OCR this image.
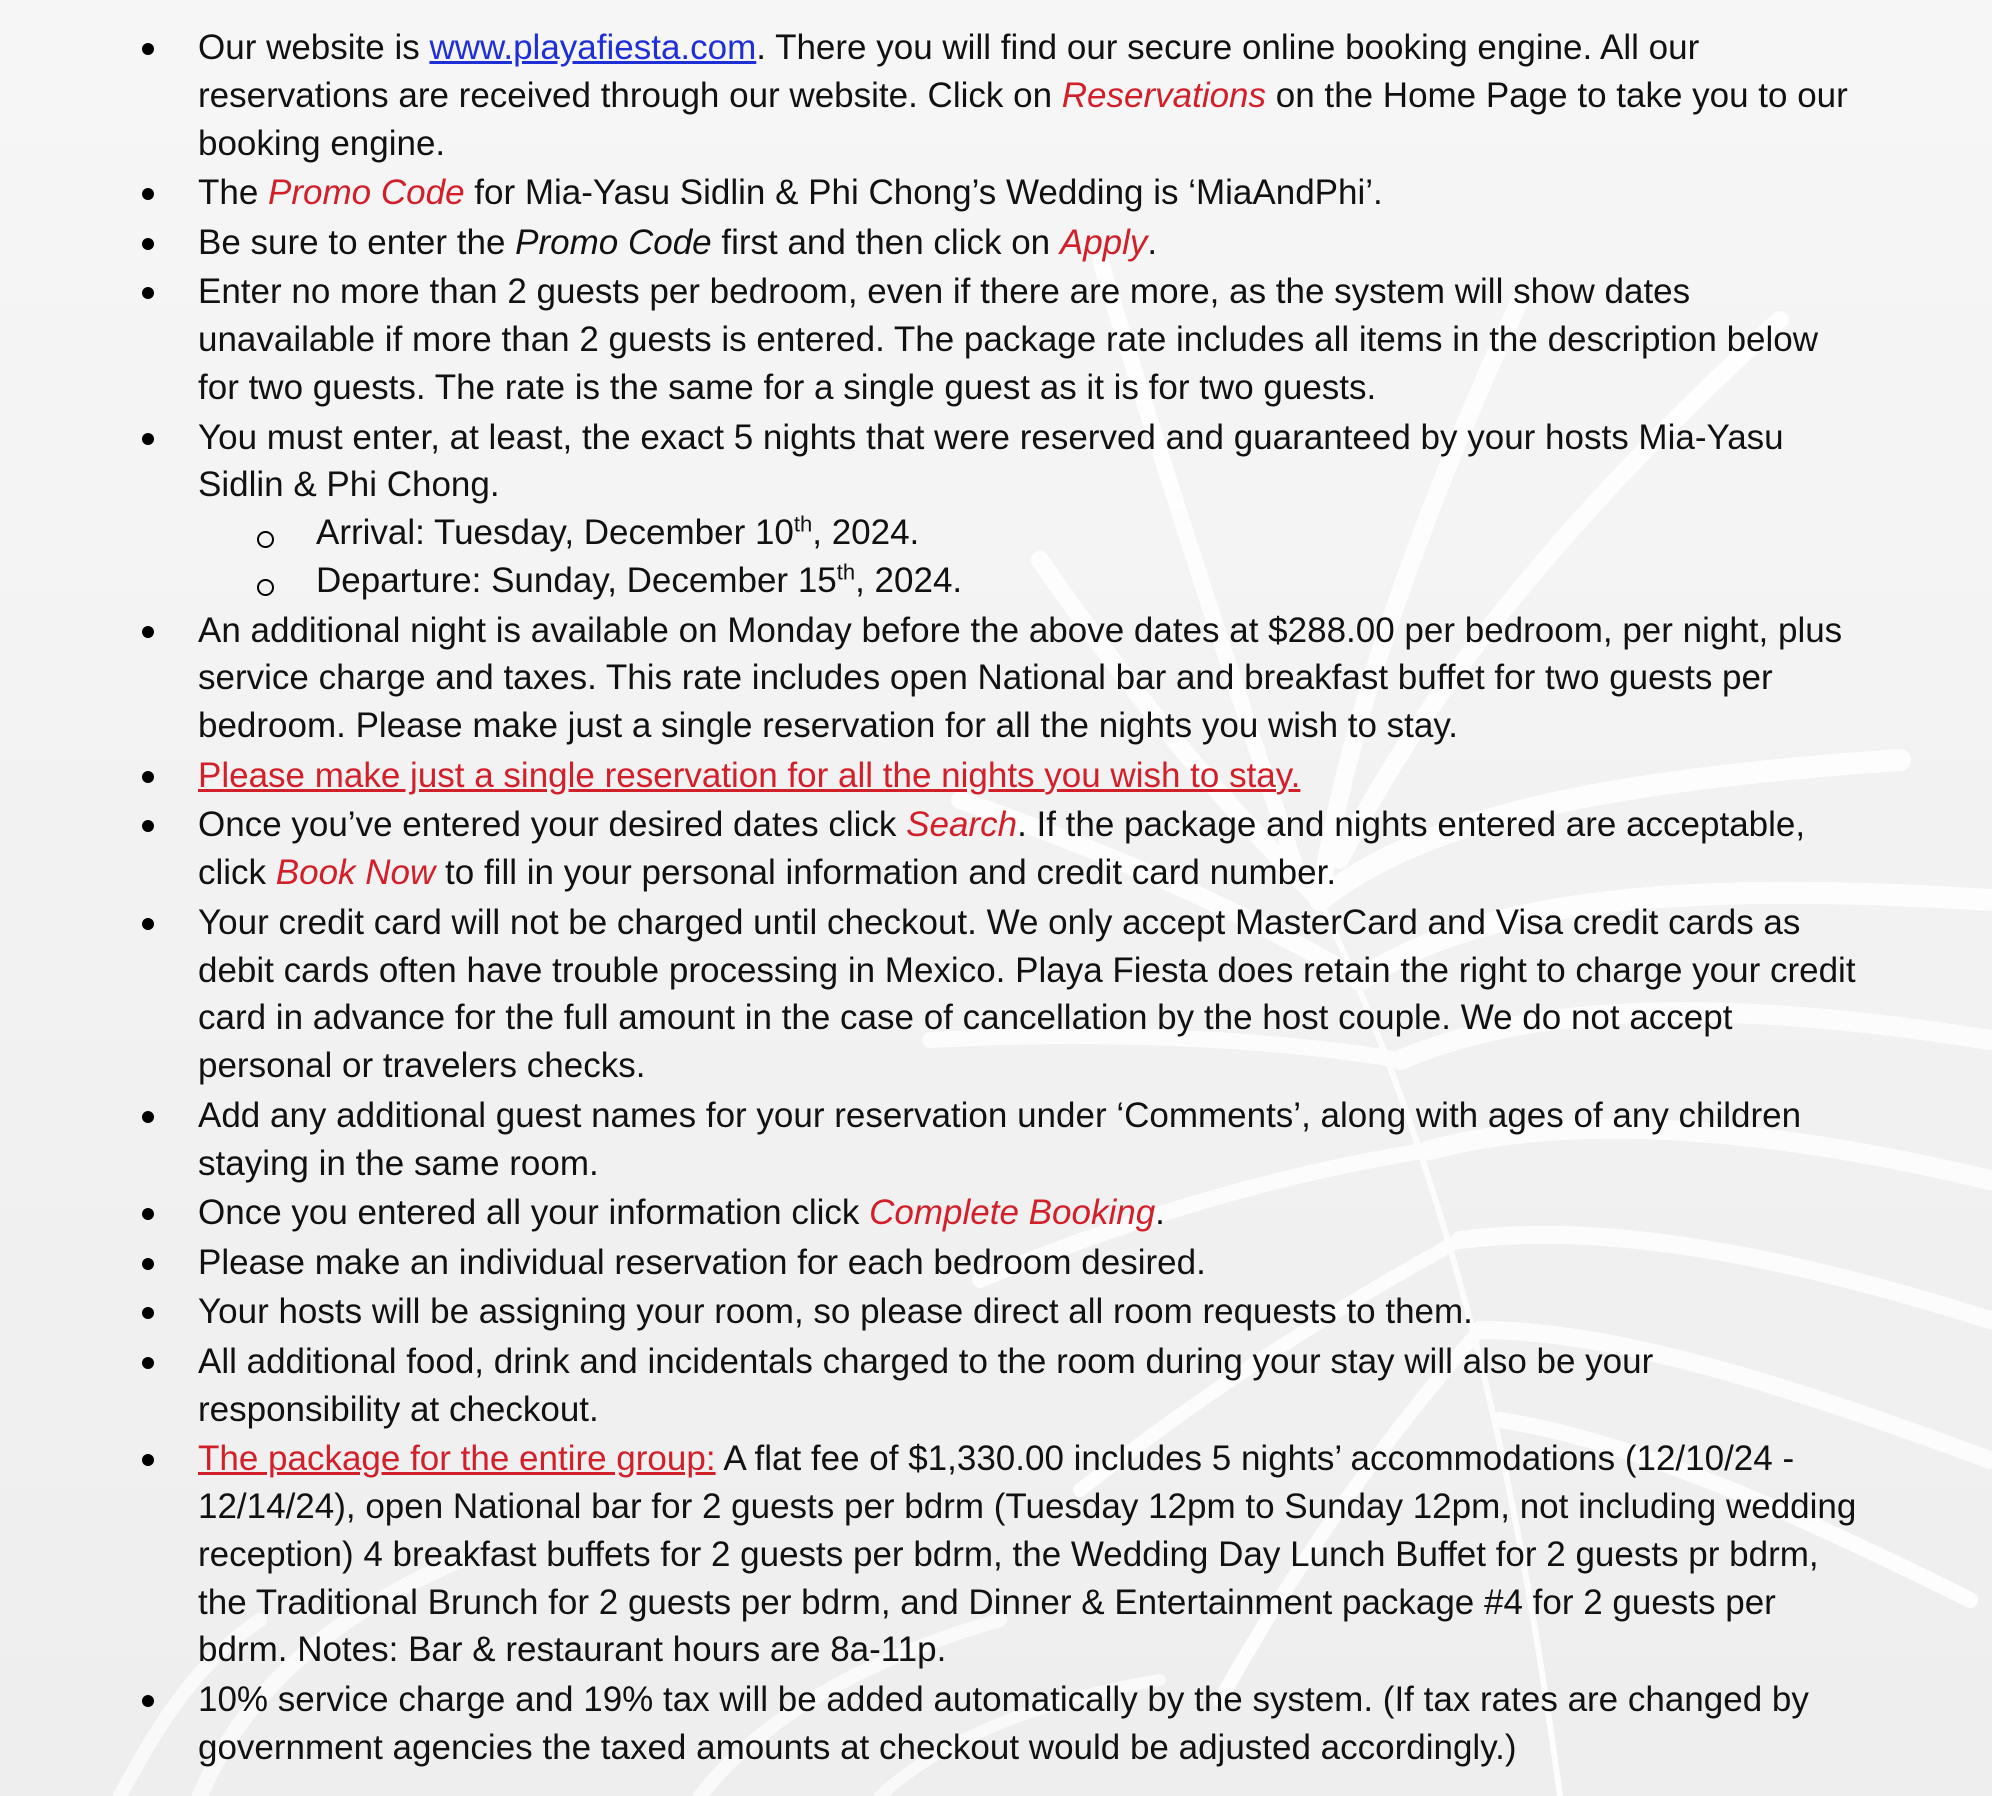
Our website is www.playafiesta.com. There you will find our secure online booking engine. All our reservations are received through our website. Click on Reservations on the Home Page to take you to our booking engine.
The Promo Code for Mia-Yasu Sidlin & Phi Chong’s Wedding is ‘MiaAndPhi’.
Be sure to enter the Promo Code first and then click on Apply.
Enter no more than 2 guests per bedroom, even if there are more, as the system will show dates unavailable if more than 2 guests is entered. The package rate includes all items in the description below for two guests. The rate is the same for a single guest as it is for two guests.
You must enter, at least, the exact 5 nights that were reserved and guaranteed by your hosts Mia-Yasu Sidlin & Phi Chong.
Arrival: Tuesday, December 10th, 2024.
Departure: Sunday, December 15th, 2024.
An additional night is available on Monday before the above dates at $288.00 per bedroom, per night, plus service charge and taxes. This rate includes open National bar and breakfast buffet for two guests per bedroom. Please make just a single reservation for all the nights you wish to stay.
Please make just a single reservation for all the nights you wish to stay.
Once you’ve entered your desired dates click Search. If the package and nights entered are acceptable, click Book Now to fill in your personal information and credit card number.
Your credit card will not be charged until checkout. We only accept MasterCard and Visa credit cards as debit cards often have trouble processing in Mexico. Playa Fiesta does retain the right to charge your credit card in advance for the full amount in the case of cancellation by the host couple. We do not accept personal or travelers checks.
Add any additional guest names for your reservation under ‘Comments’, along with ages of any children staying in the same room.
Once you entered all your information click Complete Booking.
Please make an individual reservation for each bedroom desired.
Your hosts will be assigning your room, so please direct all room requests to them.
All additional food, drink and incidentals charged to the room during your stay will also be your responsibility at checkout.
The package for the entire group: A flat fee of $1,330.00 includes 5 nights’ accommodations (12/10/24 - 12/14/24), open National bar for 2 guests per bdrm (Tuesday 12pm to Sunday 12pm, not including wedding reception) 4 breakfast buffets for 2 guests per bdrm, the Wedding Day Lunch Buffet for 2 guests pr bdrm, the Traditional Brunch for 2 guests per bdrm, and Dinner & Entertainment package #4 for 2 guests per bdrm. Notes: Bar & restaurant hours are 8a-11p.
10% service charge and 19% tax will be added automatically by the system. (If tax rates are changed by government agencies the taxed amounts at checkout would be adjusted accordingly.)
